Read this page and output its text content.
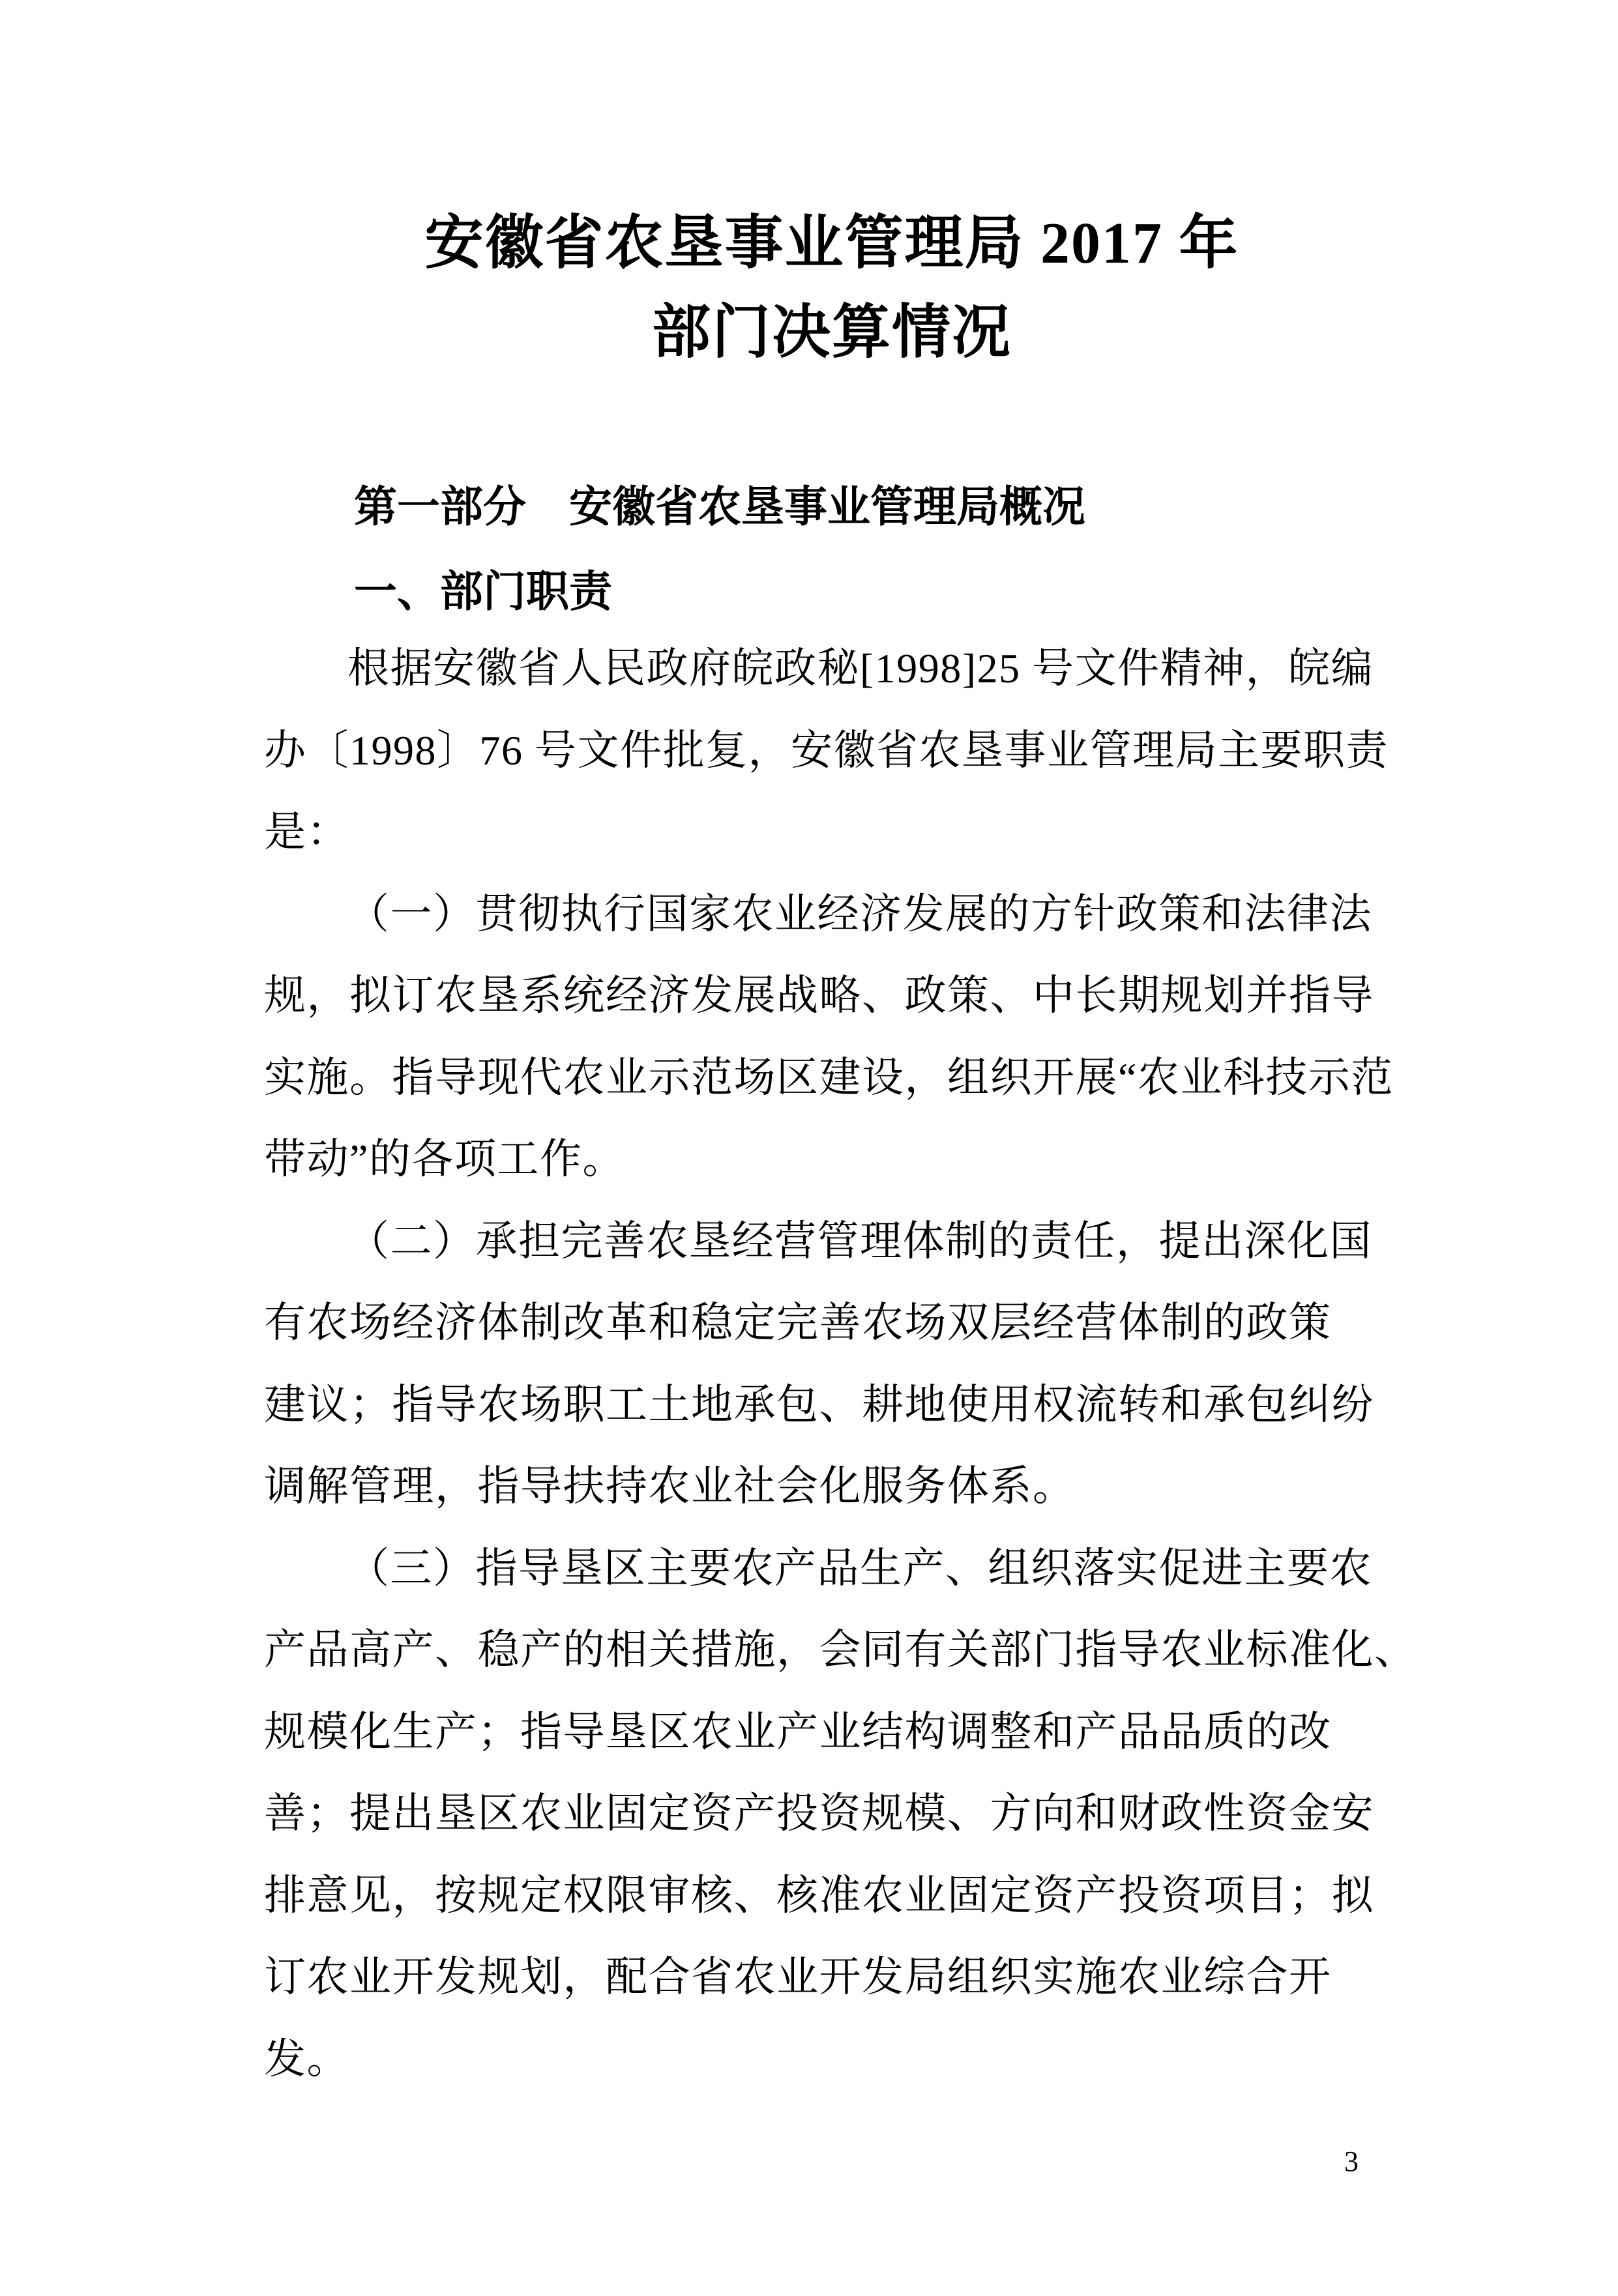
安徽省农垦事业管理局 2017 年
部门决算情况
第一部分　安徽省农垦事业管理局概况
一、部门职责
根据安徽省人民政府皖政秘[1998]25 号文件精神，皖编
办〔1998〕76 号文件批复，安徽省农垦事业管理局主要职责
是：
（一）贯彻执行国家农业经济发展的方针政策和法律法
规，拟订农垦系统经济发展战略、政策、中长期规划并指导
实施。指导现代农业示范场区建设，组织开展“农业科技示范
带动”的各项工作。
（二）承担完善农垦经营管理体制的责任，提出深化国
有农场经济体制改革和稳定完善农场双层经营体制的政策
建议；指导农场职工土地承包、耕地使用权流转和承包纠纷
调解管理，指导扶持农业社会化服务体系。
（三）指导垦区主要农产品生产、组织落实促进主要农
产品高产、稳产的相关措施，会同有关部门指导农业标准化、
规模化生产；指导垦区农业产业结构调整和产品品质的改
善；提出垦区农业固定资产投资规模、方向和财政性资金安
排意见，按规定权限审核、核准农业固定资产投资项目；拟
订农业开发规划，配合省农业开发局组织实施农业综合开
发。
3
